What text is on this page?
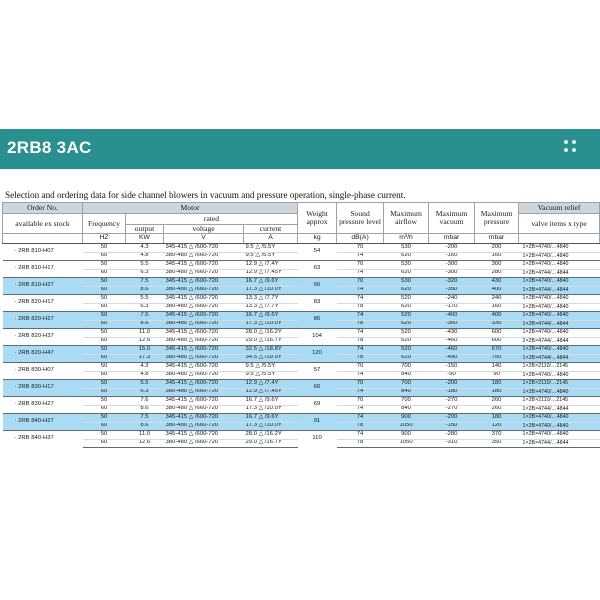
2RB8 3AC
Selection and ordering data for side channel blowers in vacuum and pressure operation, single-phase current.
Order No.	Motor				Weight approx	Sound pressure level	Maximum airflow	Maximum vacuum	Maximum pressure	Vacuum relief
available ex stock	Frequency	rated								valve items x type
		output	voltage	current						
	HZ	KW	V	A	kg	dB(A)	m³/h	mbar	mbar	
· 2RB 810-H07	50	4.3	345-415 △ /600-720	9.5 △ /5.5Y	54	70	530	-200	200	1×2B×4740/…4840
	60	4.8	380-480 △ /660-720	9.5 △ /5.5Y		74	620	-160	160	1×2B×4740/…4840
· 2RB 810-H17	50	5.5	345-415 △ /600-720	12.9 △ /7.4Y	63	70	530	-300	300	1×2B×4740/…4840
	60	6.3	380-480 △ /660-720	12.9 △ /7.45Y		74	620	-300	280	1×2B×4744/…4844
· 2RB 810-H27	50	7.5	345-415 △ /600-720	16.7 △ /9.6Y	66	70	530	-320	430	1×2B×4740/…4840
	60	8.6	380-480 △ /660-720	17.3 △ /10.0Y		74	620	-350	400	1×2B×4744/…4844
· 2RB 820-H17	50	5.5	345-415 △ /600-720	13.3 △ /7.7Y	83	74	520	-240	240	1×2B×4740/…4840
	60	6.3	380-480 △ /660-720	13.3 △ /7.7Y		78	620	-170	160	1×2B×4740/…4840
· 2RB 820-H27	50	7.5	345-415 △ /600-720	16.7 △ /9.6Y	86	74	520	-400	400	1×2B×4740/…4840
	60	8.6	380-480 △ /660-720	17.3 △ /10.0Y		78	620	-360	330	1×2B×4744/…4844
· 2RB 820-H37	50	11.0	345-415 △ /600-720	28.0 △ /16.2Y	104	74	520	-430	600	1×2B×4740/…4840
	60	12.6	380-480 △ /660-720	29.0 △ /16.7Y		78	620	-460	600	2×2B×4744/…4844
· 2RB 820-H47	50	15.0	345-415 △ /600-720	32.5 △ /18.8Y	120	74	520	-460	670	1×2B×4740/…4840
	60	17.3	380-480 △ /660-720	34.5 △ /19.9Y		78	620	-490	750	1×2B×4744/…4844
· 2RB 830-H07	50	4.3	345-415 △ /600-720	9.5 △ /5.5Y	57	70	700	-150	140	1×2B×2110/…2145
	60	4.8	380-480 △ /660-720	9.5 △ /5.5Y		74	840	-90	90	1×2B×4740/…4840
· 2RB 830-H17	50	5.5	345-415 △ /600-720	12.9 △ /7.4Y	66	70	700	-200	180	1×2B×2110/…2145
	60	6.3	380-480 △ /660-720	12.9 △ /7.45Y		74	840	-180	180	1×2B×4740/…4840
· 2RB 830-H27	50	7.6	345-415 △ /600-720	16.7 △ /9.6Y	69	70	700	-270	260	1×2B×2110/…2145
	60	8.6	380-480 △ /660-720	17.3 △ /10.0Y		74	840	-270	260	1×2B×4744/…4844
· 2RB 840-H27	50	7.5	345-415 △ /600-720	16.7 △ /9.6Y	91	74	900	-200	180	1×2B×4740/…4840
	60	8.6	380-480 △ /660-720	17.3 △ /10.0Y		78	1050	-150	120	1×2B×4740/…4840
· 2RB 840-H37	50	11.0	345-415 △ /600-720	28.0 △ /16.2Y	110	74	900	-280	370	1×2B×4740/…4840
	60	12.6	380-480 △ /660-720	29.0 △ /16.7Y		78	1050	-310	350	1×2B×4744/…4844
